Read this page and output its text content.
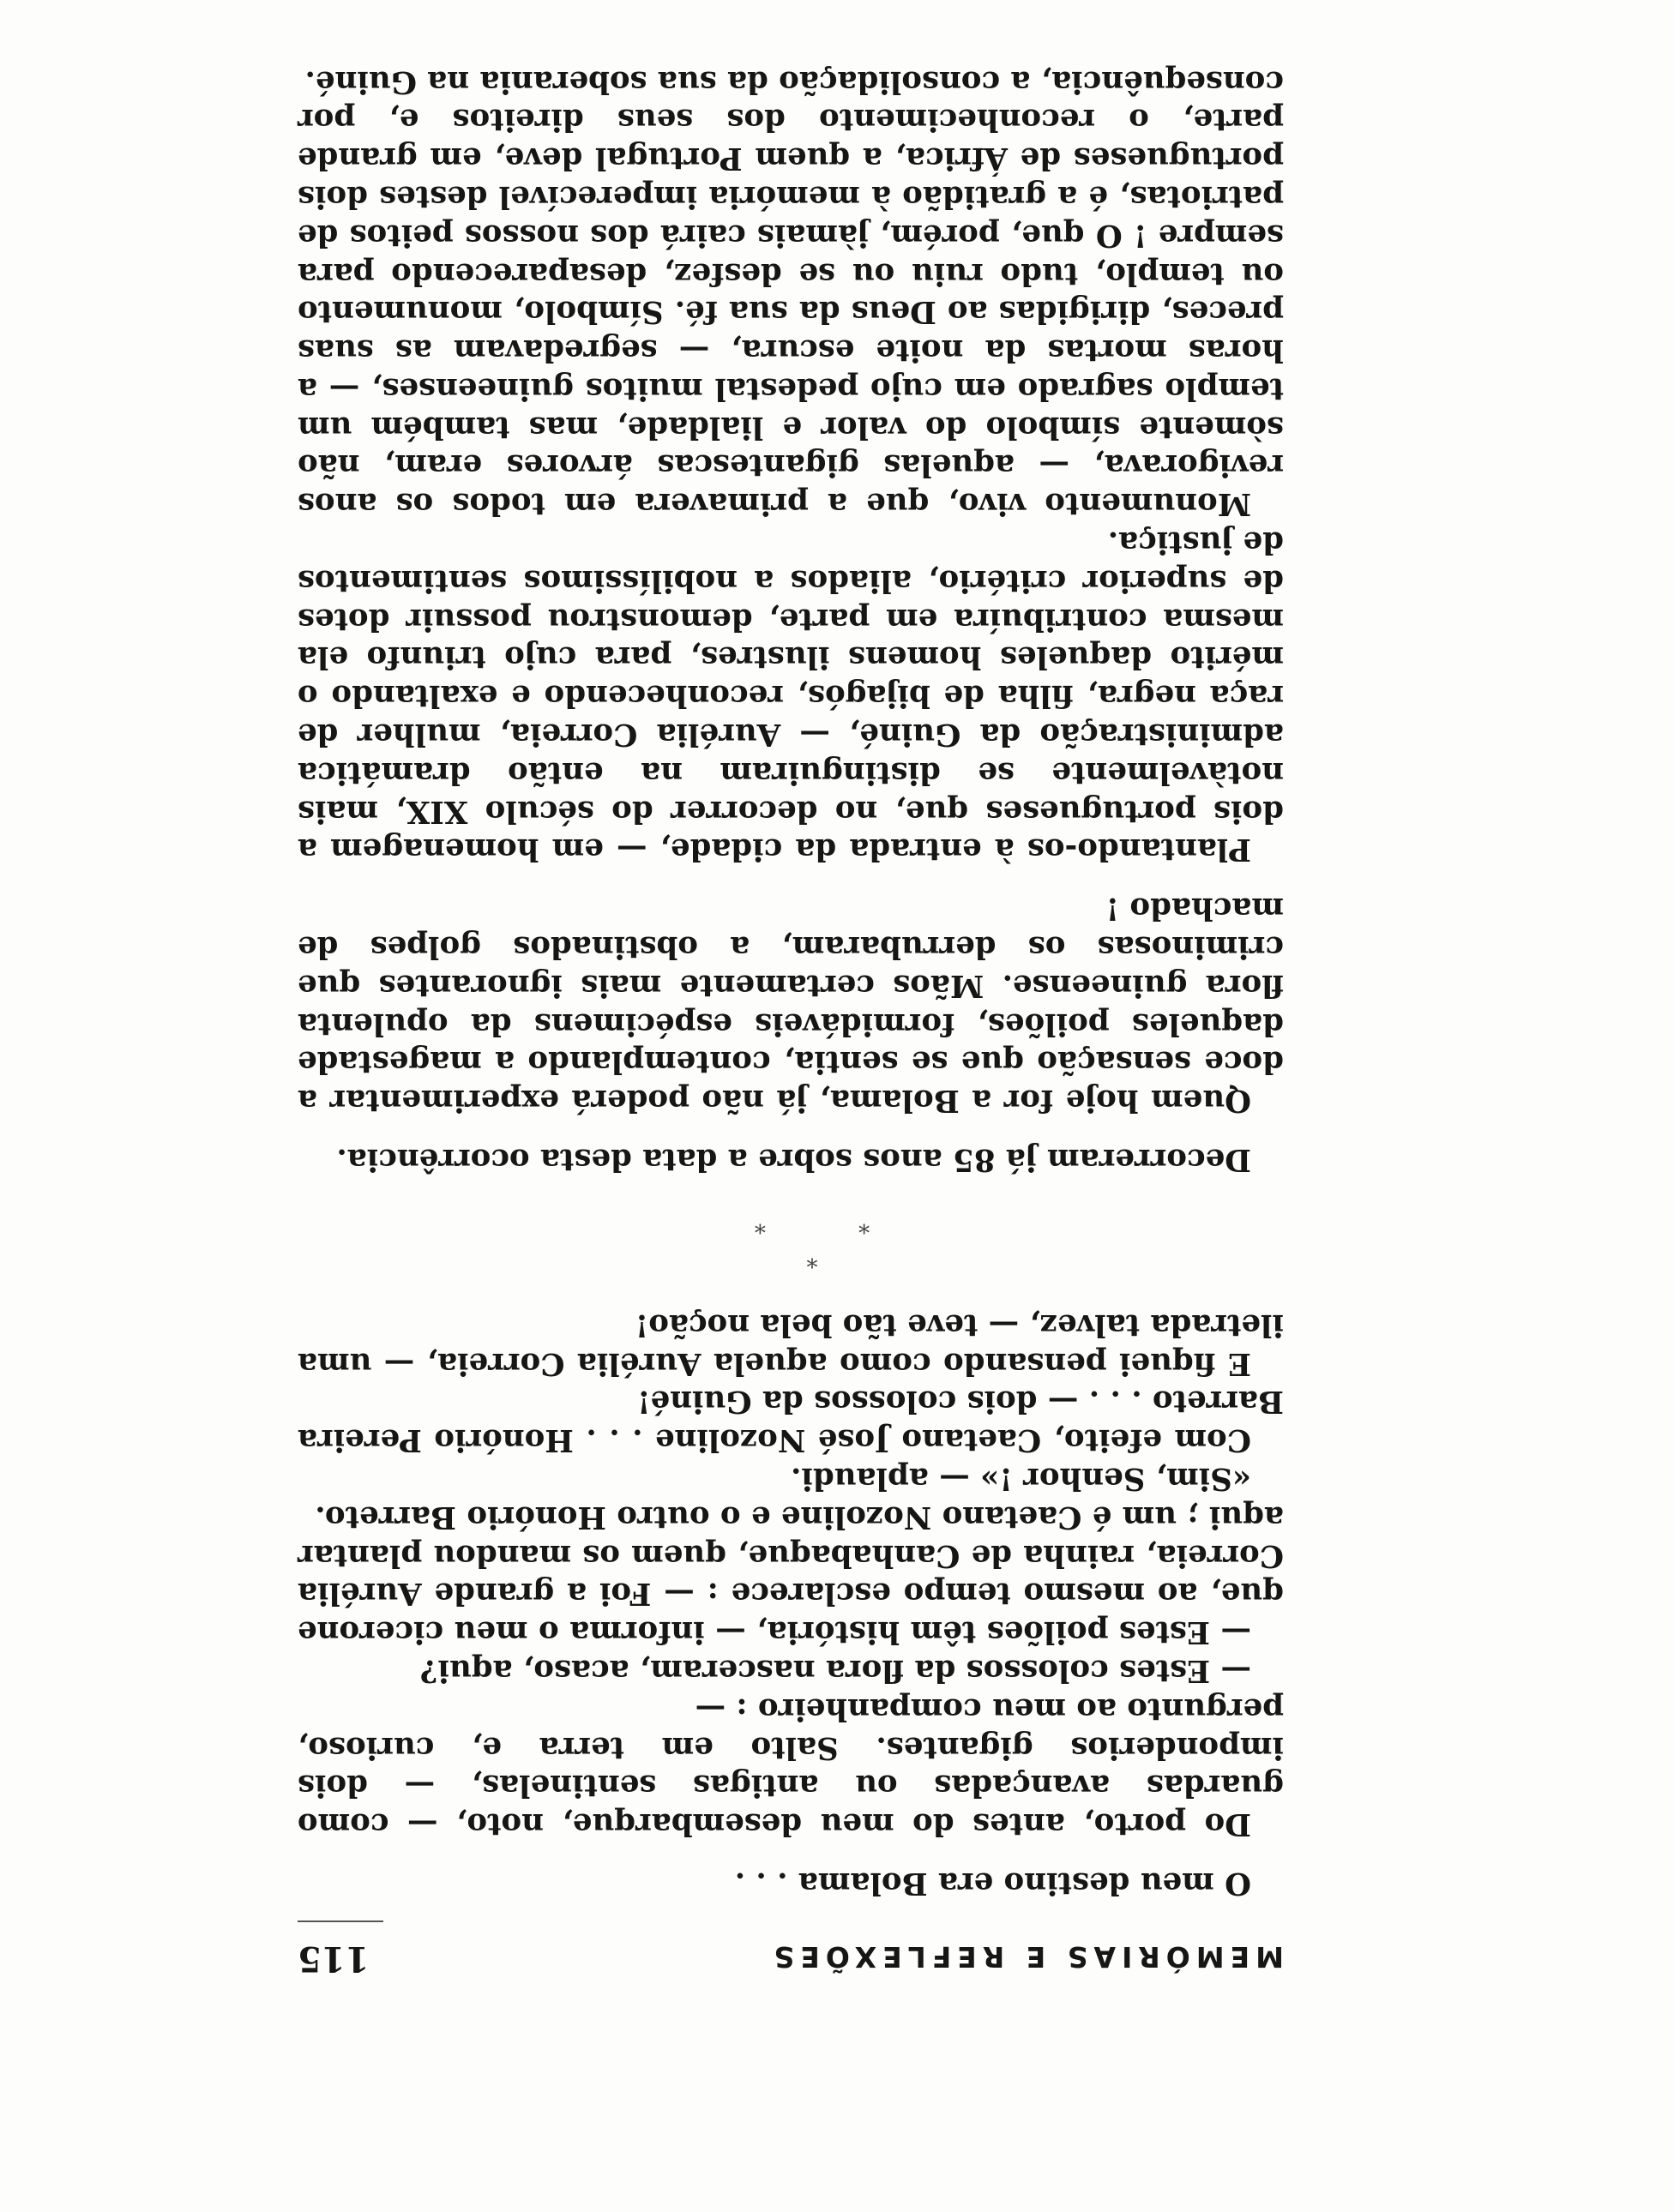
MEMÓRIAS E REFLEXÕES
115

O meu destino era Bolama . . .

Do porto, antes do meu desembarque, noto, — como guardas avançadas ou antigas sentinelas, — dois imponderios gigantes. Salto em terra e, curioso, pergunto ao meu companheiro : —

— Estes colossos da flora nasceram, acaso, aqui?

— Estes poilões têm história, — informa o meu cicerone que, ao mesmo tempo esclarece : — Foi a grande Aurélia Correia, rainha de Canhabaque, quem os mandou plantar aqui ; um é Caetano Nozoline e o outro Honório Barreto.

«Sim, Senhor !» — aplaudi.

Com efeito, Caetano José Nozoline . . . Honório Pereira Barreto . . . — dois colossos da Guiné!

E fiquei pensando como aquela Aurélia Correia, — uma iletrada talvez, — teve tão bela noção!

*
* *

Decorreram já 85 anos sobre a data desta ocorrência.

Quem hoje for a Bolama, já não poderá experimentar a doce sensação que se sentia, contemplando a magestade daqueles poilões, formidáveis espécimens da opulenta flora guineense. Mãos certamente mais ignorantes que criminosas os derrubaram, a obstinados golpes de machado !

Plantando-os à entrada da cidade, — em homenagem a dois portugueses que, no decorrer do século XIX, mais notàvelmente se distinguiram na então dramática administração da Guiné, — Aurélia Correia, mulher de raça negra, filha de bijagós, reconhecendo e exaltando o mérito daqueles homens ilustres, para cujo triunfo ela mesma contribuíra em parte, demonstrou possuir dotes de superior critério, aliados a nobilíssimos sentimentos de justiça.

Monumento vivo, que a primavera em todos os anos revigorava, — aquelas gigantescas árvores eram, não sòmente símbolo do valor e lialdade, mas também um templo sagrado em cujo pedestal muitos guineenses, — a horas mortas da noite escura, — segredavam as suas preces, dirigidas ao Deus da sua fé. Símbolo, monumento ou templo, tudo ruiu ou se desfez, desaparecendo para sempre ! O que, porém, jàmais cairá dos nossos peitos de patriotas, é a gratidão à memória imperecível destes dois portugueses de África, a quem Portugal deve, em grande parte, o reconhecimento dos seus direitos e, por consequência, a consolidação da sua soberania na Guiné.
